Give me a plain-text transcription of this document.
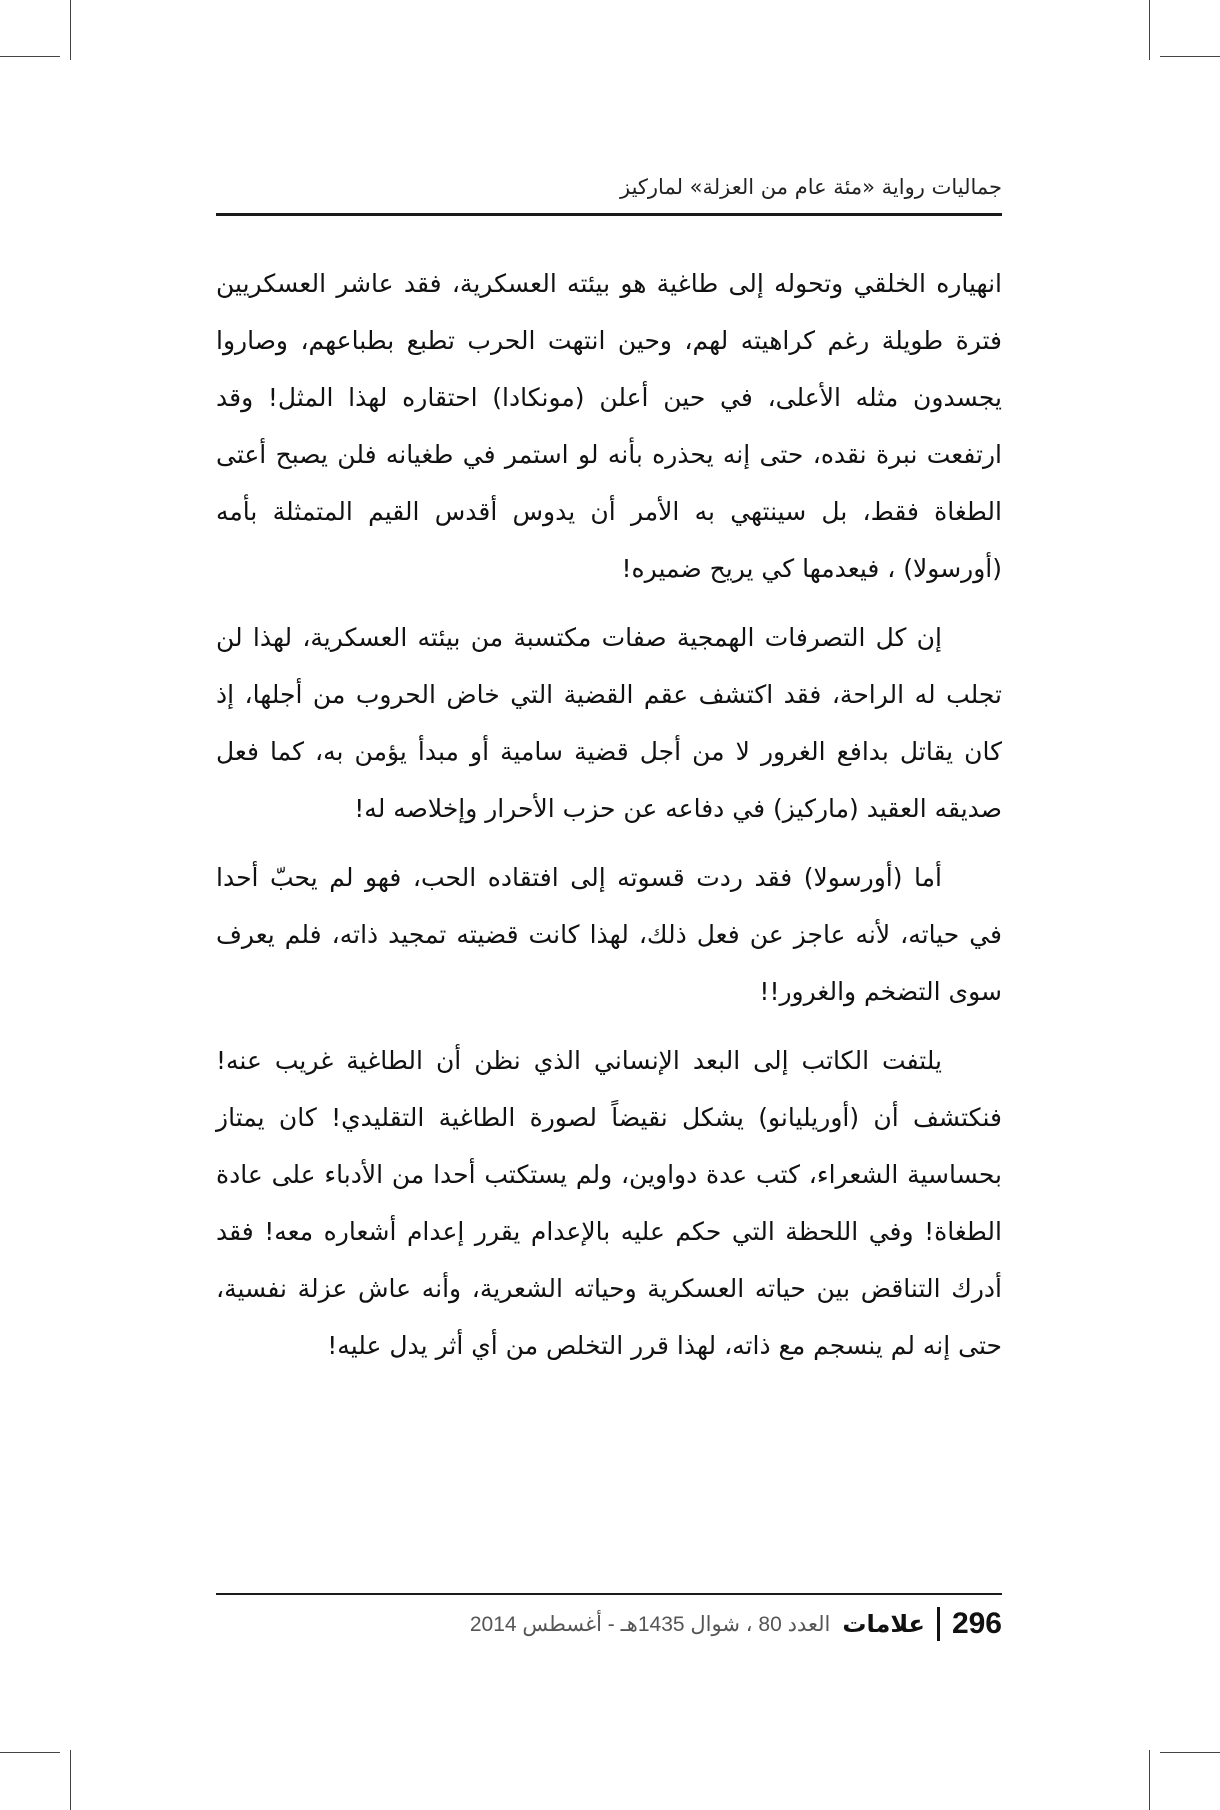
جماليات رواية «مئة عام من العزلة» لماركيز

انهياره الخلقي وتحوله إلى طاغية هو بيئته العسكرية، فقد عاشر العسكريين فترة طويلة رغم كراهيته لهم، وحين انتهت الحرب تطبع بطباعهم، وصاروا يجسدون مثله الأعلى، في حين أعلن (مونكادا) احتقاره لهذا المثل! وقد ارتفعت نبرة نقده، حتى إنه يحذره بأنه لو استمر في طغيانه فلن يصبح أعتى الطغاة فقط، بل سينتهي به الأمر أن يدوس أقدس القيم المتمثلة بأمه (أورسولا) ، فيعدمها كي يريح ضميره!

إن كل التصرفات الهمجية صفات مكتسبة من بيئته العسكرية، لهذا لن تجلب له الراحة، فقد اكتشف عقم القضية التي خاض الحروب من أجلها، إذ كان يقاتل بدافع الغرور لا من أجل قضية سامية أو مبدأ يؤمن به، كما فعل صديقه العقيد (ماركيز) في دفاعه عن حزب الأحرار وإخلاصه له!

أما (أورسولا) فقد ردت قسوته إلى افتقاده الحب، فهو لم يحبّ أحدا في حياته، لأنه عاجز عن فعل ذلك، لهذا كانت قضيته تمجيد ذاته، فلم يعرف سوى التضخم والغرور!!

يلتفت الكاتب إلى البعد الإنساني الذي نظن أن الطاغية غريب عنه! فنكتشف أن (أوريليانو) يشكل نقيضاً لصورة الطاغية التقليدي! كان يمتاز بحساسية الشعراء، كتب عدة دواوين، ولم يستكتب أحدا من الأدباء على عادة الطغاة! وفي اللحظة التي حكم عليه بالإعدام يقرر إعدام أشعاره معه! فقد أدرك التناقض بين حياته العسكرية وحياته الشعرية، وأنه عاش عزلة نفسية، حتى إنه لم ينسجم مع ذاته، لهذا قرر التخلص من أي أثر يدل عليه!

296
علامات
العدد 80 ، شوال 1435هـ - أغسطس 2014
